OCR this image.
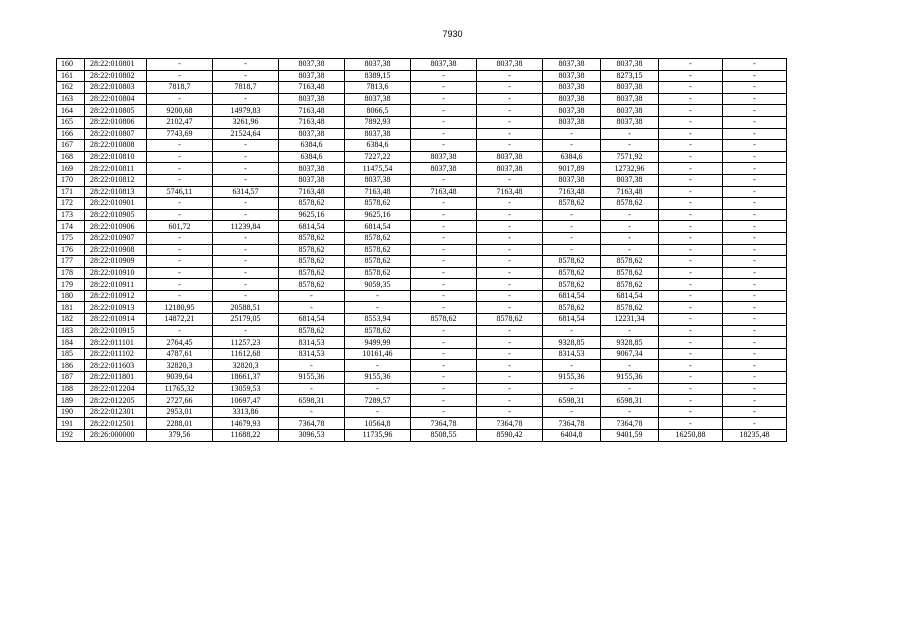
7930
160	28:22:010801	-	-	8037,38	8037,38	8037,38	8037,38	8037,38	8037,38	-	-
161	28:22:010802	-	-	8037,38	8389,15	-	-	8037,38	8273,15	-	-
162	28:22:010803	7818,7	7818,7	7163,48	7813,6	-	-	8037,38	8037,38	-	-
163	28:22:010804	-	-	8037,38	8037,38	-	-	8037,38	8037,38	-	-
164	28:22:010805	9200,68	14979,83	7163,48	8066,5	-	-	8037,38	8037,38	-	-
165	28:22:010806	2102,47	3261,96	7163,48	7892,93	-	-	8037,38	8037,38	-	-
166	28:22:010807	7743,69	21524,64	8037,38	8037,38	-	-	-	-	-	-
167	28:22:010808	-	-	6384,6	6384,6	-	-	-	-	-	-
168	28:22:010810	-	-	6384,6	7227,22	8037,38	8037,38	6384,6	7571,92	-	-
169	28:22:010811	-	-	8037,38	11475,54	8037,38	8037,38	9017,89	12732,96	-	-
170	28:22:010812	-	-	8037,38	8037,38	-	-	8037,38	8037,38	-	-
171	28:22:010813	5746,11	6314,57	7163,48	7163,48	7163,48	7163,48	7163,48	7163,48	-	-
172	28:22:010901	-	-	8578,62	8578,62	-	-	8578,62	8578,62	-	-
173	28:22:010905	-	-	9625,16	9625,16	-	-	-	-	-	-
174	28:22:010906	601,72	11239,84	6814,54	6814,54	-	-	-	-	-	-
175	28:22:010907	-	-	8578,62	8578,62	-	-	-	-	-	-
176	28:22:010908	-	-	8578,62	8578,62	-	-	-	-	-	-
177	28:22:010909	-	-	8578,62	8578,62	-	-	8578,62	8578,62	-	-
178	28:22:010910	-	-	8578,62	8578,62	-	-	8578,62	8578,62	-	-
179	28:22:010911	-	-	8578,62	9059,35	-	-	8578,62	8578,62	-	-
180	28:22:010912	-	-	-	-	-	-	6814,54	6814,54	-	-
181	28:22:010913	12180,95	20588,51	-	-	-	-	8578,62	8578,62	-	-
182	28:22:010914	14872,21	25179,05	6814,54	8553,94	8578,62	8578,62	6814,54	12231,34	-	-
183	28:22:010915	-	-	8578,62	8578,62	-	-	-	-	-	-
184	28:22:011101	2764,45	11257,23	8314,53	9499,99	-	-	9328,85	9328,85	-	-
185	28:22:011102	4787,61	11612,68	8314,53	10161,46	-	-	8314,53	9067,34	-	-
186	28:22:011603	32820,3	32820,3	-	-	-	-	-	-	-	-
187	28:22:011801	9039,64	18661,37	9155,36	9155,36	-	-	9155,36	9155,36	-	-
188	28:22:012204	11765,32	13059,53	-	-	-	-	-	-	-	-
189	28:22:012205	2727,66	10697,47	6598,31	7289,57	-	-	6598,31	6598,31	-	-
190	28:22:012301	2953,01	3313,86	-	-	-	-	-	-	-	-
191	28:22:012501	2288,01	14679,93	7364,78	10564,8	7364,78	7364,78	7364,78	7364,78	-	-
192	28:26:000000	379,56	11688,22	3096,53	11735,96	8508,55	8590,42	6404,8	9401,59	16250,88	18235,48
